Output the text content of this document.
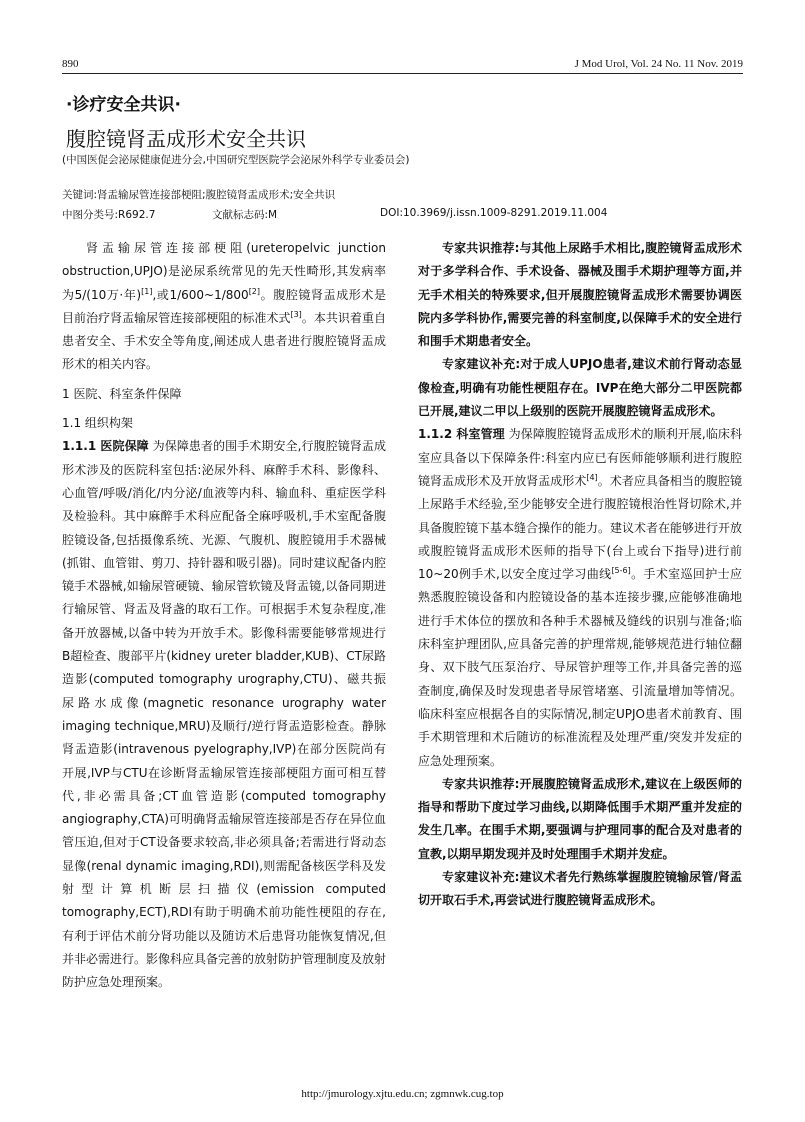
890	J Mod Urol, Vol. 24 No. 11 Nov. 2019
·诊疗安全共识·
腹腔镜肾盂成形术安全共识
(中国医促会泌尿健康促进分会,中国研究型医院学会泌尿外科学专业委员会)
关键词:肾盂输尿管连接部梗阻;腹腔镜肾盂成形术;安全共识
中图分类号:R692.7	文献标志码:M	DOI:10.3969/j.issn.1009-8291.2019.11.004

肾盂输尿管连接部梗阻(ureteropelvic junction obstruction,UPJO)是泌尿系统常见的先天性畸形,其发病率为5/(10万·年)[1],或1/600~1/800[2]。腹腔镜肾盂成形术是目前治疗肾盂输尿管连接部梗阻的标准术式[3]。本共识着重自患者安全、手术安全等角度,阐述成人患者进行腹腔镜肾盂成形术的相关内容。

1 医院、科室条件保障

1.1 组织构架

1.1.1 医院保障 为保障患者的围手术期安全,行腹腔镜肾盂成形术涉及的医院科室包括:泌尿外科、麻醉手术科、影像科、心血管/呼吸/消化/内分泌/血液等内科、输血科、重症医学科及检验科。其中麻醉手术科应配备全麻呼吸机,手术室配备腹腔镜设备,包括摄像系统、光源、气腹机、腹腔镜用手术器械(抓钳、血管钳、剪刀、持针器和吸引器)。同时建议配备内腔镜手术器械,如输尿管硬镜、输尿管软镜及肾盂镜,以备同期进行输尿管、肾盂及肾盏的取石工作。可根据手术复杂程度,准备开放器械,以备中转为开放手术。影像科需要能够常规进行B超检查、腹部平片(kidney ureter bladder,KUB)、CT尿路造影(computed tomography urography,CTU)、磁共振尿路水成像(magnetic resonance urography water imaging technique,MRU)及顺行/逆行肾盂造影检查。静脉肾盂造影(intravenous pyelography,IVP)在部分医院尚有开展,IVP与CTU在诊断肾盂输尿管连接部梗阻方面可相互替代,非必需具备;CT血管造影(computed tomography angiography,CTA)可明确肾盂输尿管连接部是否存在异位血管压迫,但对于CT设备要求较高,非必须具备;若需进行肾动态显像(renal dynamic imaging,RDI),则需配备核医学科及发射型计算机断层扫描仪(emission computed tomography,ECT),RDI有助于明确术前功能性梗阻的存在,有利于评估术前分肾功能以及随访术后患肾功能恢复情况,但并非必需进行。影像科应具备完善的放射防护管理制度及放射防护应急处理预案。

专家共识推荐:与其他上尿路手术相比,腹腔镜肾盂成形术对于多学科合作、手术设备、器械及围手术期护理等方面,并无手术相关的特殊要求,但开展腹腔镜肾盂成形术需要协调医院内多学科协作,需要完善的科室制度,以保障手术的安全进行和围手术期患者安全。

专家建议补充:对于成人UPJO患者,建议术前行肾动态显像检查,明确有功能性梗阻存在。IVP在绝大部分二甲医院都已开展,建议二甲以上级别的医院开展腹腔镜肾盂成形术。

1.1.2 科室管理 为保障腹腔镜肾盂成形术的顺利开展,临床科室应具备以下保障条件:科室内应已有医师能够顺利进行腹腔镜肾盂成形术及开放肾盂成形术[4]。术者应具备相当的腹腔镜上尿路手术经验,至少能够安全进行腹腔镜根治性肾切除术,并具备腹腔镜下基本缝合操作的能力。建议术者在能够进行开放或腹腔镜肾盂成形术医师的指导下(台上或台下指导)进行前10~20例手术,以安全度过学习曲线[5-6]。手术室巡回护士应熟悉腹腔镜设备和内腔镜设备的基本连接步骤,应能够准确地进行手术体位的摆放和各种手术器械及缝线的识别与准备;临床科室护理团队,应具备完善的护理常规,能够规范进行轴位翻身、双下肢气压泵治疗、导尿管护理等工作,并具备完善的巡查制度,确保及时发现患者导尿管堵塞、引流量增加等情况。临床科室应根据各自的实际情况,制定UPJO患者术前教育、围手术期管理和术后随访的标准流程及处理严重/突发并发症的应急处理预案。

专家共识推荐:开展腹腔镜肾盂成形术,建议在上级医师的指导和帮助下度过学习曲线,以期降低围手术期严重并发症的发生几率。在围手术期,要强调与护理同事的配合及对患者的宣教,以期早期发现并及时处理围手术期并发症。

专家建议补充:建议术者先行熟练掌握腹腔镜输尿管/肾盂切开取石手术,再尝试进行腹腔镜肾盂成形术。

http://jmurology.xjtu.edu.cn; zgmnwk.cug.top
